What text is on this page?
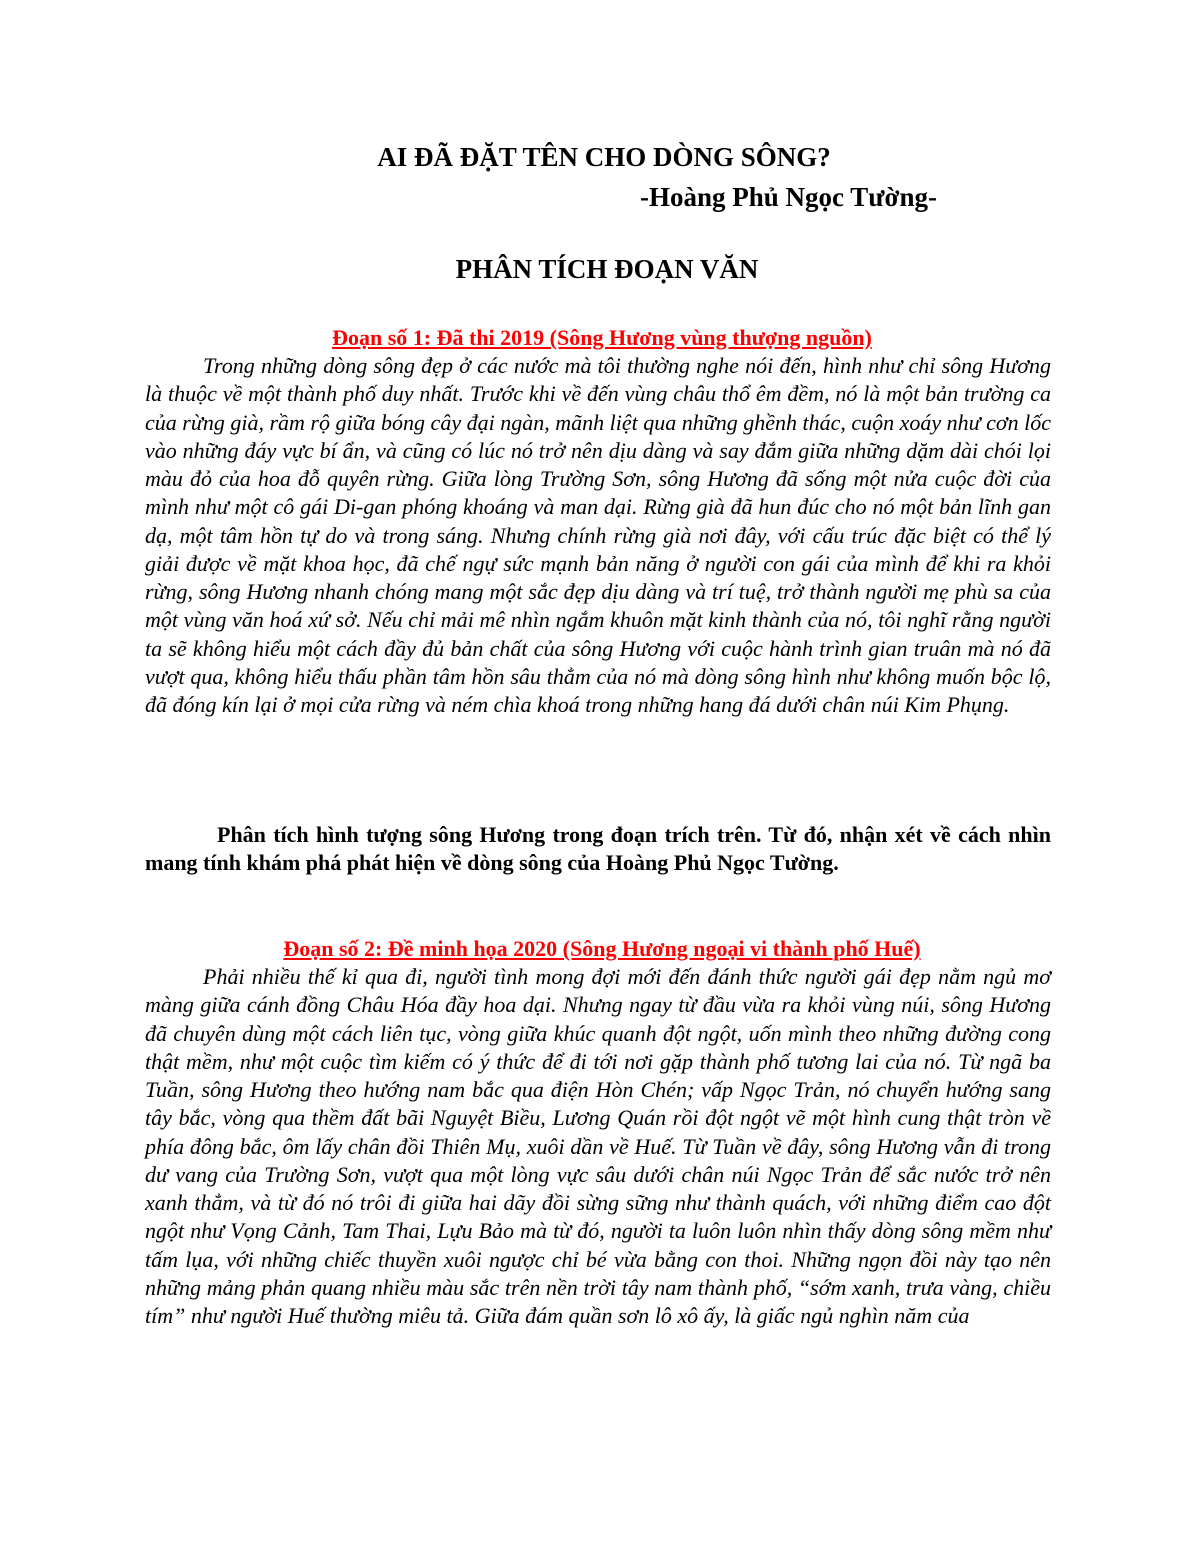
AI ĐÃ ĐẶT TÊN CHO DÒNG SÔNG?
-Hoàng Phủ Ngọc Tường-
PHÂN TÍCH ĐOẠN VĂN
Đoạn số 1: Đã thi 2019 (Sông Hương vùng thượng nguồn)

Trong những dòng sông đẹp ở các nước mà tôi thường nghe nói đến, hình như chỉ sông Hương là thuộc về một thành phố duy nhất. Trước khi về đến vùng châu thổ êm đềm, nó là một bản trường ca của rừng già, rầm rộ giữa bóng cây đại ngàn, mãnh liệt qua những ghềnh thác, cuộn xoáy như cơn lốc vào những đáy vực bí ẩn, và cũng có lúc nó trở nên dịu dàng và say đắm giữa những dặm dài chói lọi màu đỏ của hoa đỗ quyên rừng. Giữa lòng Trường Sơn, sông Hương đã sống một nửa cuộc đời của mình như một cô gái Di-gan phóng khoáng và man dại. Rừng già đã hun đúc cho nó một bản lĩnh gan dạ, một tâm hồn tự do và trong sáng. Nhưng chính rừng già nơi đây, với cấu trúc đặc biệt có thể lý giải được về mặt khoa học, đã chế ngự sức mạnh bản năng ở người con gái của mình để khi ra khỏi rừng, sông Hương nhanh chóng mang một sắc đẹp dịu dàng và trí tuệ, trở thành người mẹ phù sa của một vùng văn hoá xứ sở. Nếu chỉ mải mê nhìn ngắm khuôn mặt kinh thành của nó, tôi nghĩ rằng người ta sẽ không hiểu một cách đầy đủ bản chất của sông Hương với cuộc hành trình gian truân mà nó đã vượt qua, không hiểu thấu phần tâm hồn sâu thẳm của nó mà dòng sông hình như không muốn bộc lộ, đã đóng kín lại ở mọi cửa rừng và ném chìa khoá trong những hang đá dưới chân núi Kim Phụng.

Phân tích hình tượng sông Hương trong đoạn trích trên. Từ đó, nhận xét về cách nhìn mang tính khám phá phát hiện về dòng sông của Hoàng Phủ Ngọc Tường.

Đoạn số 2: Đề minh họa 2020 (Sông Hương ngoại vi thành phố Huế)

Phải nhiều thế kỉ qua đi, người tình mong đợi mới đến đánh thức người gái đẹp nằm ngủ mơ màng giữa cánh đồng Châu Hóa đầy hoa dại. Nhưng ngay từ đầu vừa ra khỏi vùng núi, sông Hương đã chuyên dùng một cách liên tục, vòng giữa khúc quanh đột ngột, uốn mình theo những đường cong thật mềm, như một cuộc tìm kiếm có ý thức để đi tới nơi gặp thành phố tương lai của nó. Từ ngã ba Tuần, sông Hương theo hướng nam bắc qua điện Hòn Chén; vấp Ngọc Trản, nó chuyển hướng sang tây bắc, vòng qua thềm đất bãi Nguyệt Biều, Lương Quán rồi đột ngột vẽ một hình cung thật tròn về phía đông bắc, ôm lấy chân đồi Thiên Mụ, xuôi dần về Huế. Từ Tuần về đây, sông Hương vẫn đi trong dư vang của Trường Sơn, vượt qua một lòng vực sâu dưới chân núi Ngọc Trản để sắc nước trở nên xanh thẳm, và từ đó nó trôi đi giữa hai dãy đồi sừng sững như thành quách, với những điểm cao đột ngột như Vọng Cảnh, Tam Thai, Lựu Bảo mà từ đó, người ta luôn luôn nhìn thấy dòng sông mềm như tấm lụa, với những chiếc thuyền xuôi ngược chỉ bé vừa bằng con thoi. Những ngọn đồi này tạo nên những mảng phản quang nhiều màu sắc trên nền trời tây nam thành phố, “sớm xanh, trưa vàng, chiều tím” như người Huế thường miêu tả. Giữa đám quần sơn lô xô ấy, là giấc ngủ nghìn năm của
